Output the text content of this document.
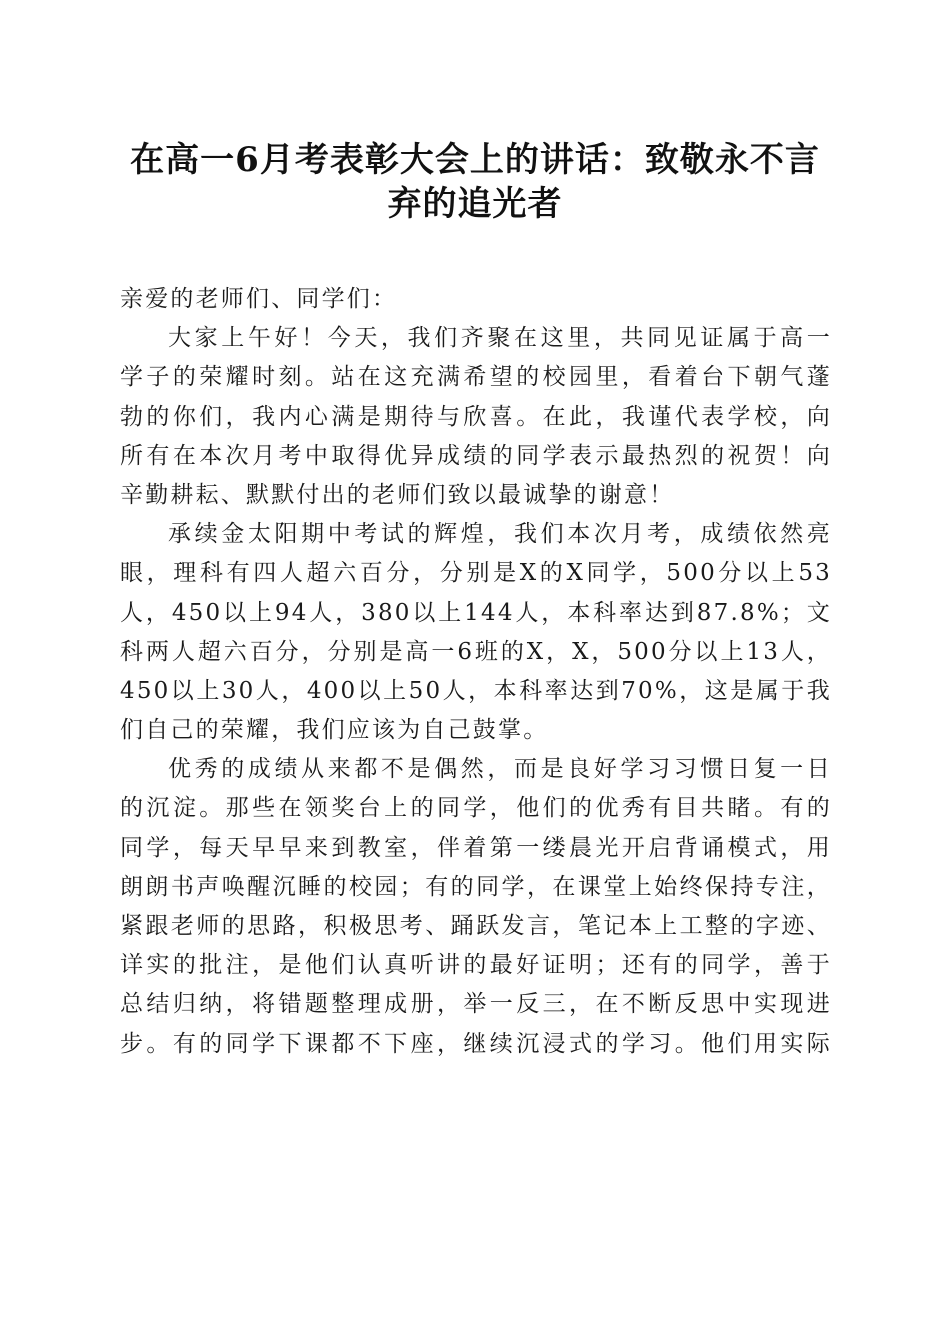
在高一6月考表彰大会上的讲话：致敬永不言
弃的追光者
亲爱的老师们、同学们：
大家上午好！今天，我们齐聚在这里，共同见证属于高一
学子的荣耀时刻。站在这充满希望的校园里，看着台下朝气蓬
勃的你们，我内心满是期待与欣喜。在此，我谨代表学校，向
所有在本次月考中取得优异成绩的同学表示最热烈的祝贺！向
辛勤耕耘、默默付出的老师们致以最诚挚的谢意！
承续金太阳期中考试的辉煌，我们本次月考，成绩依然亮
眼，理科有四人超六百分，分别是X的X同学，500分以上53
人，450以上94人，380以上144人，本科率达到87.8%；文
科两人超六百分，分别是高一6班的X，X，500分以上13人，
450以上30人，400以上50人，本科率达到70%，这是属于我
们自己的荣耀，我们应该为自己鼓掌。
优秀的成绩从来都不是偶然，而是良好学习习惯日复一日
的沉淀。那些在领奖台上的同学，他们的优秀有目共睹。有的
同学，每天早早来到教室，伴着第一缕晨光开启背诵模式，用
朗朗书声唤醒沉睡的校园；有的同学，在课堂上始终保持专注，
紧跟老师的思路，积极思考、踊跃发言，笔记本上工整的字迹、
详实的批注，是他们认真听讲的最好证明；还有的同学，善于
总结归纳，将错题整理成册，举一反三，在不断反思中实现进
步。有的同学下课都不下座，继续沉浸式的学习。他们用实际
